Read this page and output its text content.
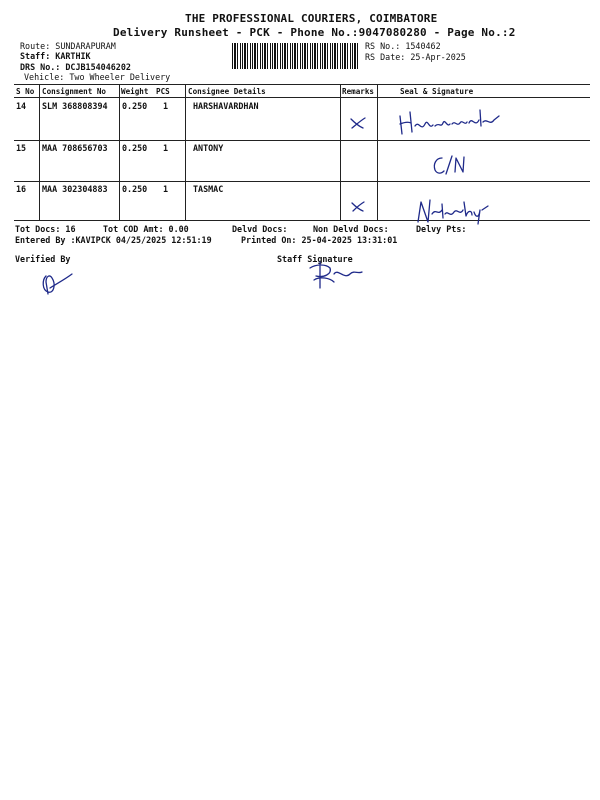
THE PROFESSIONAL COURIERS, COIMBATORE
Delivery Runsheet - PCK - Phone No.:9047080280 - Page No.:2
Route: SUNDARAPURAM
Staff: KARTHIK
DRS No.: DCJB154046202
Vehicle: Two Wheeler Delivery
RS No.: 1540462
RS Date: 25-Apr-2025
S No Consignment No Weight PCS Consignee Details	Remarks	Seal & Signature
14 SLM 368808394 0.250 1	HARSHAVARDHAN
15 MAA 708656703 0.250 1	ANTONY
16 MAA 302304883 0.250 1	TASMAC
Tot Docs: 16	Tot COD Amt: 0.00	Delvd Docs:	Non Delvd Docs:	Delvy Pts:
Entered By :KAVIPCK 04/25/2025 12:51:19	Printed On: 25-04-2025 13:31:01
Verified By	Staff Signature
